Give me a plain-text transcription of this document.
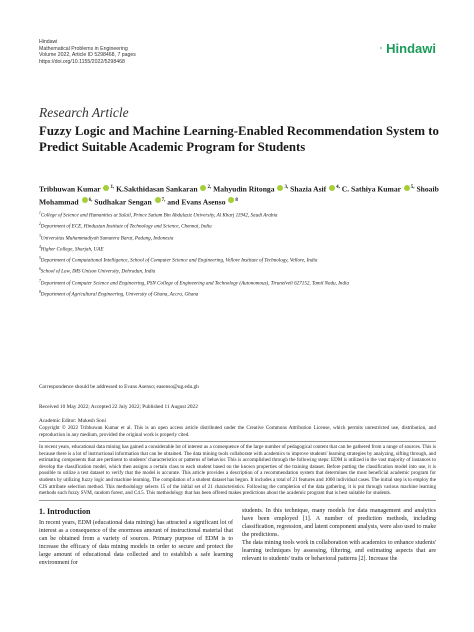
Hindawi
Mathematical Problems in Engineering
Volume 2022, Article ID 5298468, 7 pages
https://doi.org/10.1155/2022/5298468
Hindawi
Research Article
Fuzzy Logic and Machine Learning-Enabled Recommendation System to Predict Suitable Academic Program for Students
Tribhuwan Kumar $^{1,}$ K.Sakthidasan Sankaran $^{2,}$ Mahyudin Ritonga $^{3,}$ Shazia Asif $^{4,}$ C. Sathiya Kumar $^{5,}$ Shoaib Mohammad $^{6,}$ Sudhakar Sengan $^{7,}$ and Evans Asenso $^8$
$^1$College of Science and Humanities at Sulail, Prince Sattam Bin Abdulaziz University, Al Kharj 11942, Saudi Arabia
$^2$Department of ECE, Hindustan Institute of Technology and Science, Chennai, India
$^3$Universitas Muhammadiyah Sumatera Barat, Padang, Indonesia
$^4$Higher College, Sharjah, UAE
$^5$Department of Computational Intelligence, School of Computer Science and Engineering, Vellore Institute of Technology, Vellore, India
$^6$School of Law, IMS Unison University, Dehradun, India
$^7$Department of Computer Science and Engineering, PSN College of Engineering and Technology (Autonomous), Tirunelveli 627152, Tamil Nadu, India
$^8$Department of Agricultural Engineering, University of Ghana, Accra, Ghana
Correspondence should be addressed to Evans Asenso; easenso@ug.edu.gh
Received 10 May 2022; Accepted 22 July 2022; Published 11 August 2022
Academic Editor: Mukesh Soni
Copyright © 2022 Tribhuwan Kumar et al. This is an open access article distributed under the Creative Commons Attribution License, which permits unrestricted use, distribution, and reproduction in any medium, provided the original work is properly cited.
In recent years, educational data mining has gained a considerable lot of interest as a consequence of the large number of pedagogical content that can be gathered from a range of sources. This is because there is a lot of instructional information that can be obtained. The data mining tools collaborate with academics to improve students' learning strategies by analyzing, sifting through, and estimating components that are pertinent to students' characteristics or patterns of behavior. This is accomplished through the following steps: EDM is utilized in the vast majority of instances to develop the classification model, which then assigns a certain class to each student based on the known properties of the training dataset. Before putting the classification model into use, it is possible to utilize a test dataset to verify that the model is accurate. This article provides a description of a recommendation system that determines the most beneficial academic program for students by utilizing fuzzy logic and machine learning. The compilation of a student dataset has begun. It includes a total of 21 features and 1000 individual cases. The initial step is to employ the CJS attribute selection method. This methodology selects 15 of the initial set of 21 characteristics. Following the completion of the data gathering, it is put through various machine learning methods such fuzzy SVM, random forest, and C4.5. This methodology that has been offered makes predictions about the academic program that is best suitable for students.
1. Introduction
In recent years, EDM (educational data mining) has attracted a significant lot of interest as a consequence of the enormous amount of instructional material that can be obtained from a variety of sources. Primary purpose of EDM is to increase the efficacy of data mining models in order to secure and protect the large amount of educational data collected and to establish a safe learning environment for
students. In this technique, many models for data management and analytics have been employed [1]. A number of prediction methods, including classification, regression, and latent component analysis, were also used to make the predictions.
The data mining tools work in collaboration with academics to enhance students' learning techniques by assessing, filtering, and estimating aspects that are relevant to students' traits or behavioral patterns [2]. Increase the
